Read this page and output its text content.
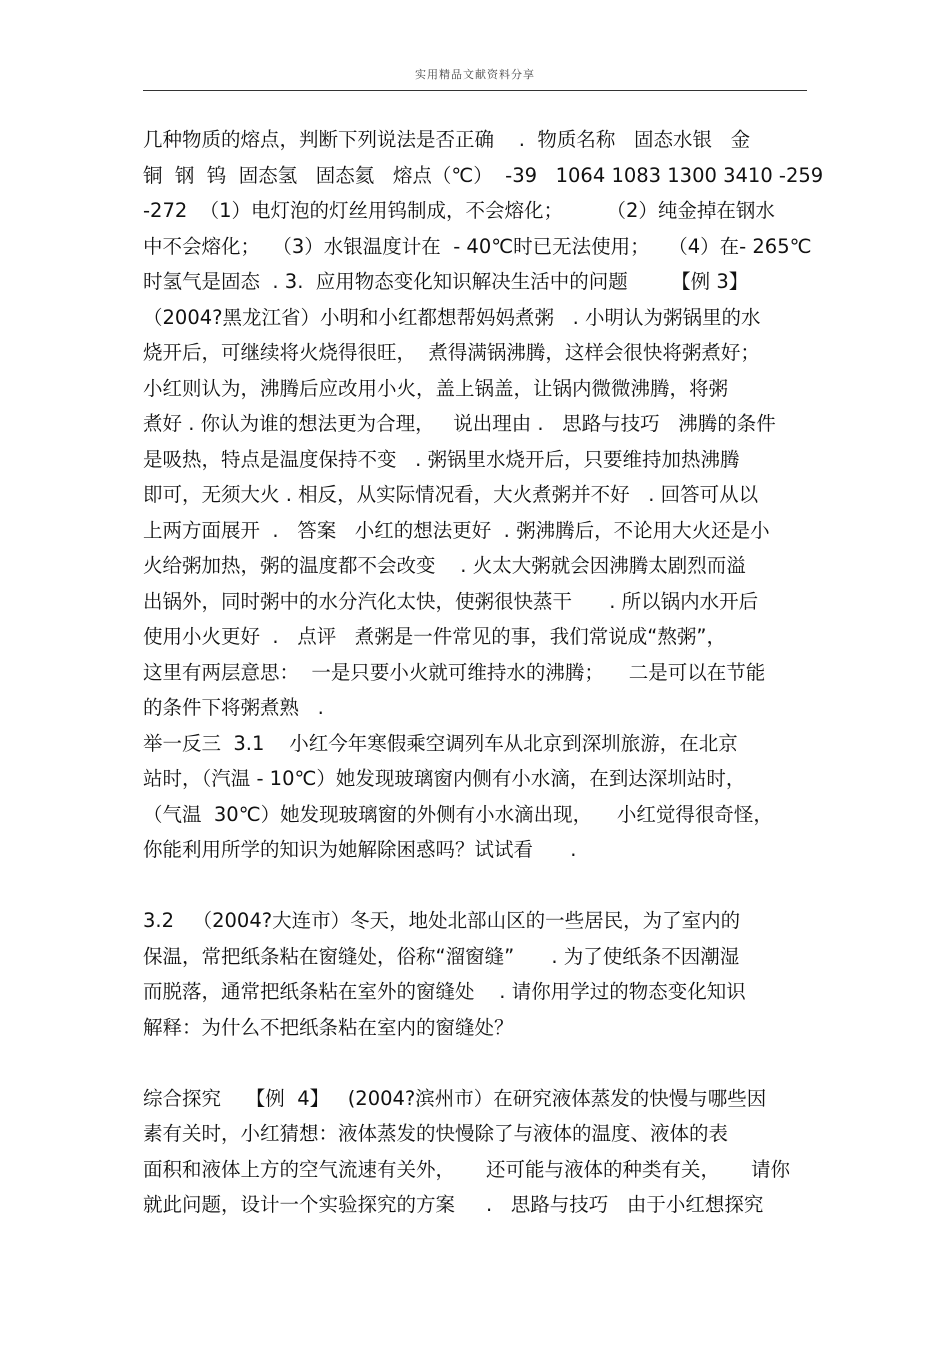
实用精品文献资料分享
几种物质的熔点，判断下列说法是否正确    .  物质名称   固态水银   金
铜  钢  钨  固态氢   固态氦   熔点（℃）  -39   1064 1083 1300 3410 -259
-272  （1）电灯泡的灯丝用钨制成，不会熔化；       （2）纯金掉在钢水
中不会熔化；  （3）水银温度计在  - 40℃时已无法使用；   （4）在- 265℃
时氢气是固态  . 3.  应用物态变化知识解决生活中的问题       【例 3】
（2004?黑龙江省）小明和小红都想帮妈妈煮粥   . 小明认为粥锅里的水
烧开后，可继续将火烧得很旺，  煮得满锅沸腾，这样会很快将粥煮好；
小红则认为，沸腾后应改用小火，盖上锅盖，让锅内微微沸腾，将粥
煮好 . 你认为谁的想法更为合理，   说出理由 .   思路与技巧   沸腾的条件
是吸热，特点是温度保持不变   . 粥锅里水烧开后，只要维持加热沸腾
即可，无须大火 . 相反，从实际情况看，大火煮粥并不好   . 回答可从以
上两方面展开  .   答案   小红的想法更好  . 粥沸腾后，不论用大火还是小
火给粥加热，粥的温度都不会改变    . 火太大粥就会因沸腾太剧烈而溢
出锅外，同时粥中的水分汽化太快，使粥很快蒸干      . 所以锅内水开后
使用小火更好  .   点评   煮粥是一件常见的事，我们常说成“熬粥”，
这里有两层意思：  一是只要小火就可维持水的沸腾；    二是可以在节能
的条件下将粥煮熟   .
举一反三  3.1    小红今年寒假乘空调列车从北京到深圳旅游，在北京
站时，（汽温 - 10℃）她发现玻璃窗内侧有小水滴，在到达深圳站时，
（气温  30℃）她发现玻璃窗的外侧有小水滴出现，    小红觉得很奇怪，
你能利用所学的知识为她解除困惑吗？试试看      .
3.2   （2004?大连市）冬天，地处北部山区的一些居民，为了室内的
保温，常把纸条粘在窗缝处，俗称“溜窗缝”      . 为了使纸条不因潮湿
而脱落，通常把纸条粘在室外的窗缝处    . 请你用学过的物态变化知识
解释：为什么不把纸条粘在室内的窗缝处？
综合探究    【例  4】   (2004?滨州市）在研究液体蒸发的快慢与哪些因
素有关时，小红猜想：液体蒸发的快慢除了与液体的温度、液体的表
面积和液体上方的空气流速有关外，     还可能与液体的种类有关，     请你
就此问题，设计一个实验探究的方案     .   思路与技巧   由于小红想探究
